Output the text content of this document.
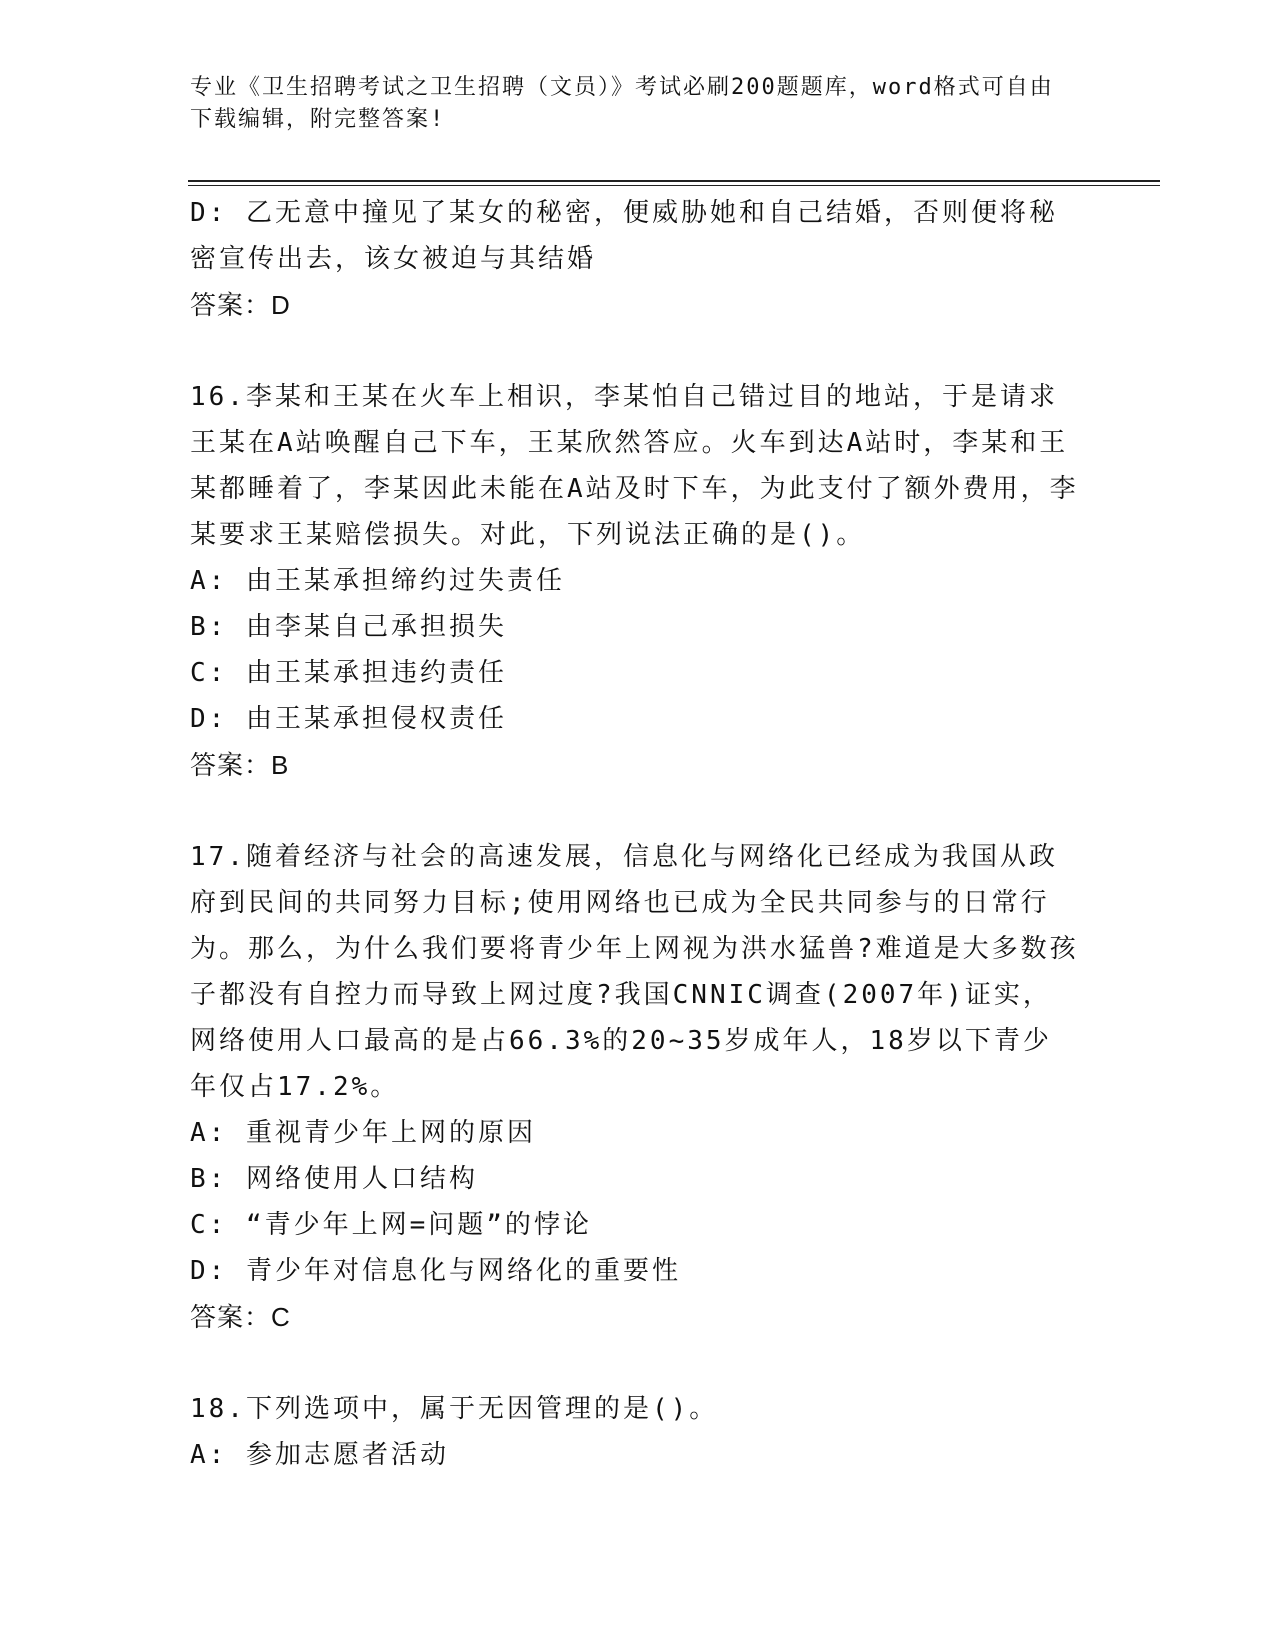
专业《卫生招聘考试之卫生招聘（文员）》考试必刷200题题库，word格式可自由下载编辑，附完整答案!

D: 乙无意中撞见了某女的秘密，便威胁她和自己结婚，否则便将秘密宣传出去，该女被迫与其结婚

答案：D

16.李某和王某在火车上相识，李某怕自己错过目的地站，于是请求王某在A站唤醒自己下车，王某欣然答应。火车到达A站时，李某和王某都睡着了，李某因此未能在A站及时下车，为此支付了额外费用，李某要求王某赔偿损失。对此，下列说法正确的是()。

A: 由王某承担缔约过失责任

B: 由李某自己承担损失

C: 由王某承担违约责任

D: 由王某承担侵权责任

答案：B

17.随着经济与社会的高速发展，信息化与网络化已经成为我国从政府到民间的共同努力目标;使用网络也已成为全民共同参与的日常行为。那么，为什么我们要将青少年上网视为洪水猛兽?难道是大多数孩子都没有自控力而导致上网过度?我国CNNIC调查(2007年)证实，网络使用人口最高的是占66.3%的20~35岁成年人，18岁以下青少年仅占17.2%。

A: 重视青少年上网的原因

B: 网络使用人口结构

C: “青少年上网=问题”的悖论

D: 青少年对信息化与网络化的重要性

答案：C

18.下列选项中，属于无因管理的是()。

A: 参加志愿者活动
